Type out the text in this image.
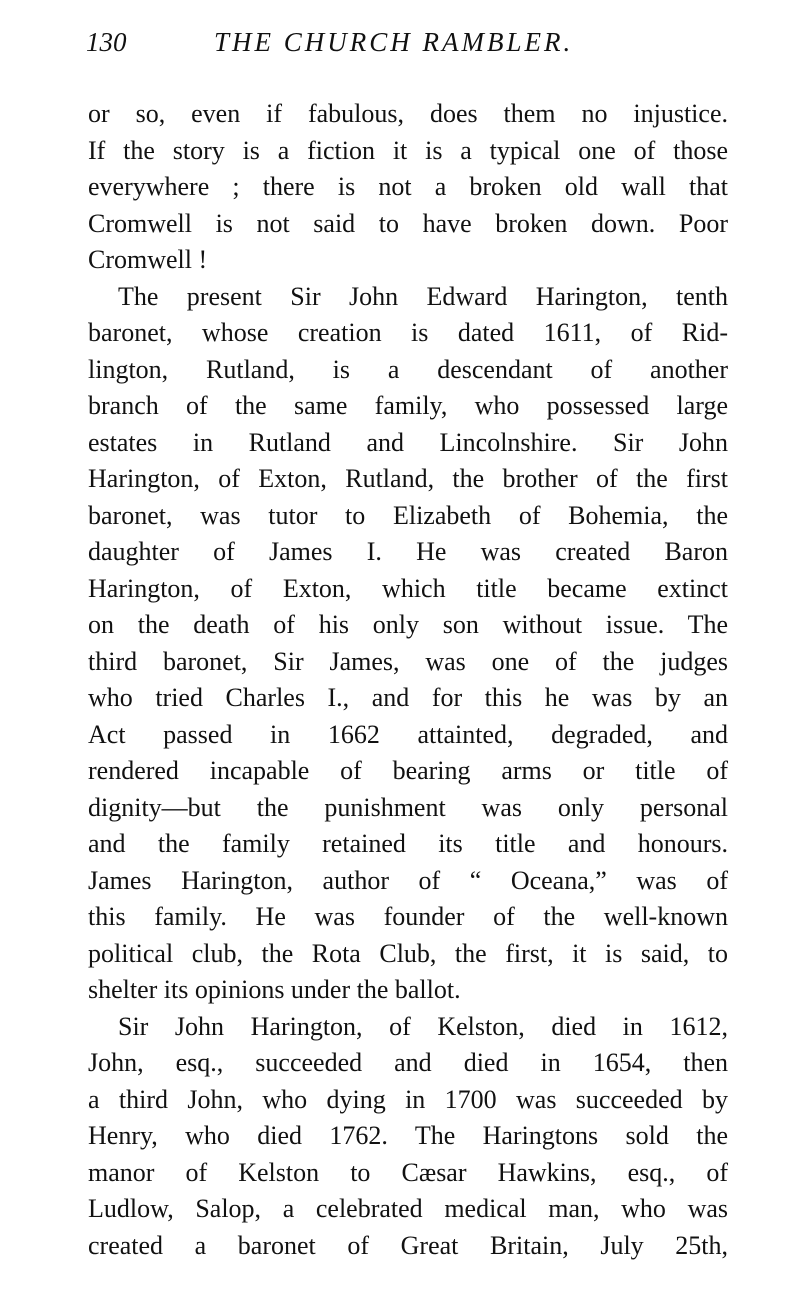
130	THE CHURCH RAMBLER.

or so, even if fabulous, does them no injustice.
If the story is a fiction it is a typical one of those
everywhere ; there is not a broken old wall that
Cromwell is not said to have broken down. Poor
Cromwell !

The present Sir John Edward Harington, tenth
baronet, whose creation is dated 1611, of Rid-
lington, Rutland, is a descendant of another
branch of the same family, who possessed large
estates in Rutland and Lincolnshire. Sir John
Harington, of Exton, Rutland, the brother of the first
baronet, was tutor to Elizabeth of Bohemia, the
daughter of James I. He was created Baron
Harington, of Exton, which title became extinct
on the death of his only son without issue. The
third baronet, Sir James, was one of the judges
who tried Charles I., and for this he was by an
Act passed in 1662 attainted, degraded, and
rendered incapable of bearing arms or title of
dignity—but the punishment was only personal
and the family retained its title and honours.
James Harington, author of “ Oceana,” was of
this family. He was founder of the well-known
political club, the Rota Club, the first, it is said, to
shelter its opinions under the ballot.

Sir John Harington, of Kelston, died in 1612,
John, esq., succeeded and died in 1654, then
a third John, who dying in 1700 was succeeded by
Henry, who died 1762. The Haringtons sold the
manor of Kelston to Cæsar Hawkins, esq., of
Ludlow, Salop, a celebrated medical man, who was
created a baronet of Great Britain, July 25th,
